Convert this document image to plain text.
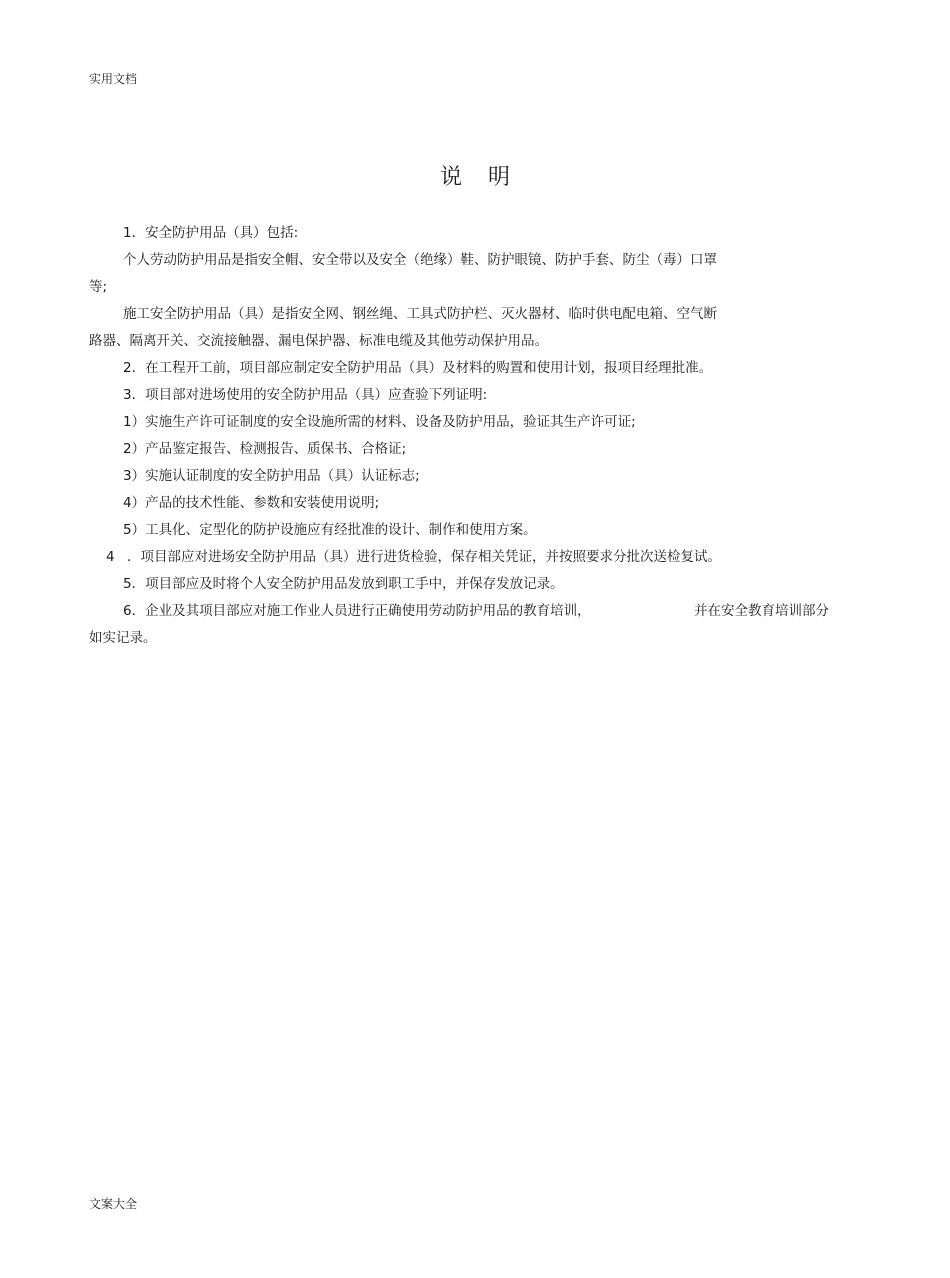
实用文档
说明
1．安全防护用品（具）包括:
个人劳动防护用品是指安全帽、安全带以及安全（绝缘）鞋、防护眼镜、防护手套、防尘（毒）口罩
等;
施工安全防护用品（具）是指安全网、钢丝绳、工具式防护栏、灭火器材、临时供电配电箱、空气断
路器、隔离开关、交流接触器、漏电保护器、标准电缆及其他劳动保护用品。
2．在工程开工前，项目部应制定安全防护用品（具）及材料的购置和使用计划，报项目经理批准。
3．项目部对进场使用的安全防护用品（具）应查验下列证明:
1）实施生产许可证制度的安全设施所需的材料、设备及防护用品，验证其生产许可证;
2）产品鉴定报告、检测报告、质保书、合格证;
3）实施认证制度的安全防护用品（具）认证标志;
4）产品的技术性能、参数和安装使用说明;
5）工具化、定型化的防护设施应有经批准的设计、制作和使用方案。
4 ．项目部应对进场安全防护用品（具）进行进货检验，保存相关凭证，并按照要求分批次送检复试。
5．项目部应及时将个人安全防护用品发放到职工手中，并保存发放记录。
6．企业及其项目部应对施工作业人员进行正确使用劳动防护用品的教育培训，	并在安全教育培训部分
如实记录。
文案大全
